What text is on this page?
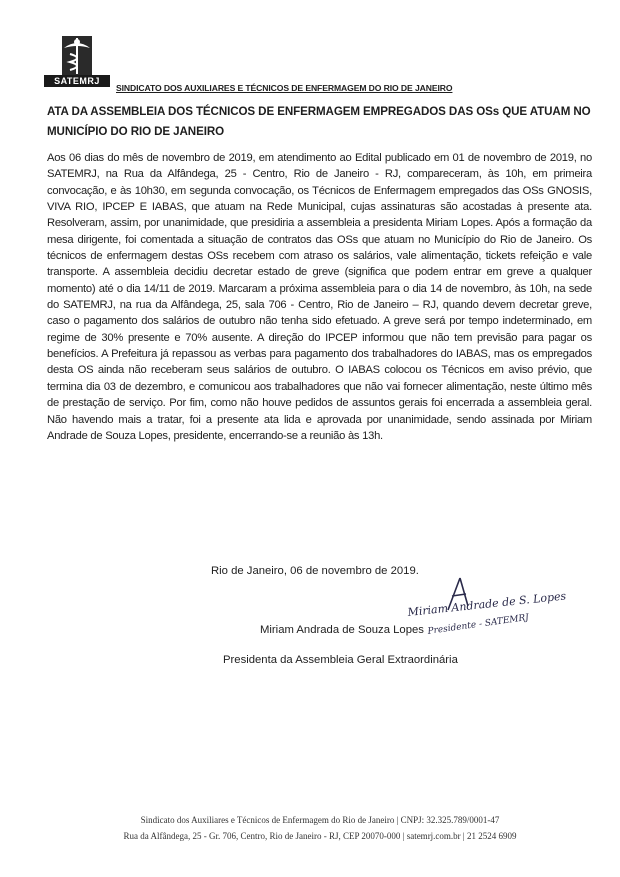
SATEMRJ
SINDICATO DOS AUXILIARES E TÉCNICOS DE ENFERMAGEM DO RIO DE JANEIRO
ATA DA ASSEMBLEIA DOS TÉCNICOS DE ENFERMAGEM EMPREGADOS DAS OSs QUE ATUAM NO MUNICÍPIO DO RIO DE JANEIRO

Aos 06 dias do mês de novembro de 2019, em atendimento ao Edital publicado em 01 de novembro de 2019, no SATEMRJ, na Rua da Alfândega, 25 - Centro, Rio de Janeiro - RJ, compareceram, às 10h, em primeira convocação, e às 10h30, em segunda convocação, os Técnicos de Enfermagem empregados das OSs GNOSIS, VIVA RIO, IPCEP E IABAS, que atuam na Rede Municipal, cujas assinaturas são acostadas à presente ata. Resolveram, assim, por unanimidade, que presidiria a assembleia a presidenta Miriam Lopes. Após a formação da mesa dirigente, foi comentada a situação de contratos das OSs que atuam no Município do Rio de Janeiro. Os técnicos de enfermagem destas OSs recebem com atraso os salários, vale alimentação, tickets refeição e vale transporte. A assembleia decidiu decretar estado de greve (significa que podem entrar em greve a qualquer momento) até o dia 14/11 de 2019. Marcaram a próxima assembleia para o dia 14 de novembro, às 10h, na sede do SATEMRJ, na rua da Alfândega, 25, sala 706 - Centro, Rio de Janeiro – RJ, quando devem decretar greve, caso o pagamento dos salários de outubro não tenha sido efetuado. A greve será por tempo indeterminado, em regime de 30% presente e 70% ausente. A direção do IPCEP informou que não tem previsão para pagar os benefícios. A Prefeitura já repassou as verbas para pagamento dos trabalhadores do IABAS, mas os empregados desta OS ainda não receberam seus salários de outubro. O IABAS colocou os Técnicos em aviso prévio, que termina dia 03 de dezembro, e comunicou aos trabalhadores que não vai fornecer alimentação, neste último mês de prestação de serviço. Por fim, como não houve pedidos de assuntos gerais foi encerrada a assembleia geral. Não havendo mais a tratar, foi a presente ata lida e aprovada por unanimidade, sendo assinada por Miriam Andrade de Souza Lopes, presidente, encerrando-se a reunião às 13h.

Rio de Janeiro, 06 de novembro de 2019.
Miriam Andrade de S. Lopes
Presidente - SATEMRJ
Miriam Andrada de Souza Lopes
Presidenta da Assembleia Geral Extraordinária
Sindicato dos Auxiliares e Técnicos de Enfermagem do Rio de Janeiro | CNPJ: 32.325.789/0001-47
Rua da Alfândega, 25 - Gr. 706, Centro, Rio de Janeiro - RJ, CEP 20070-000 | satemrj.com.br | 21 2524 6909
